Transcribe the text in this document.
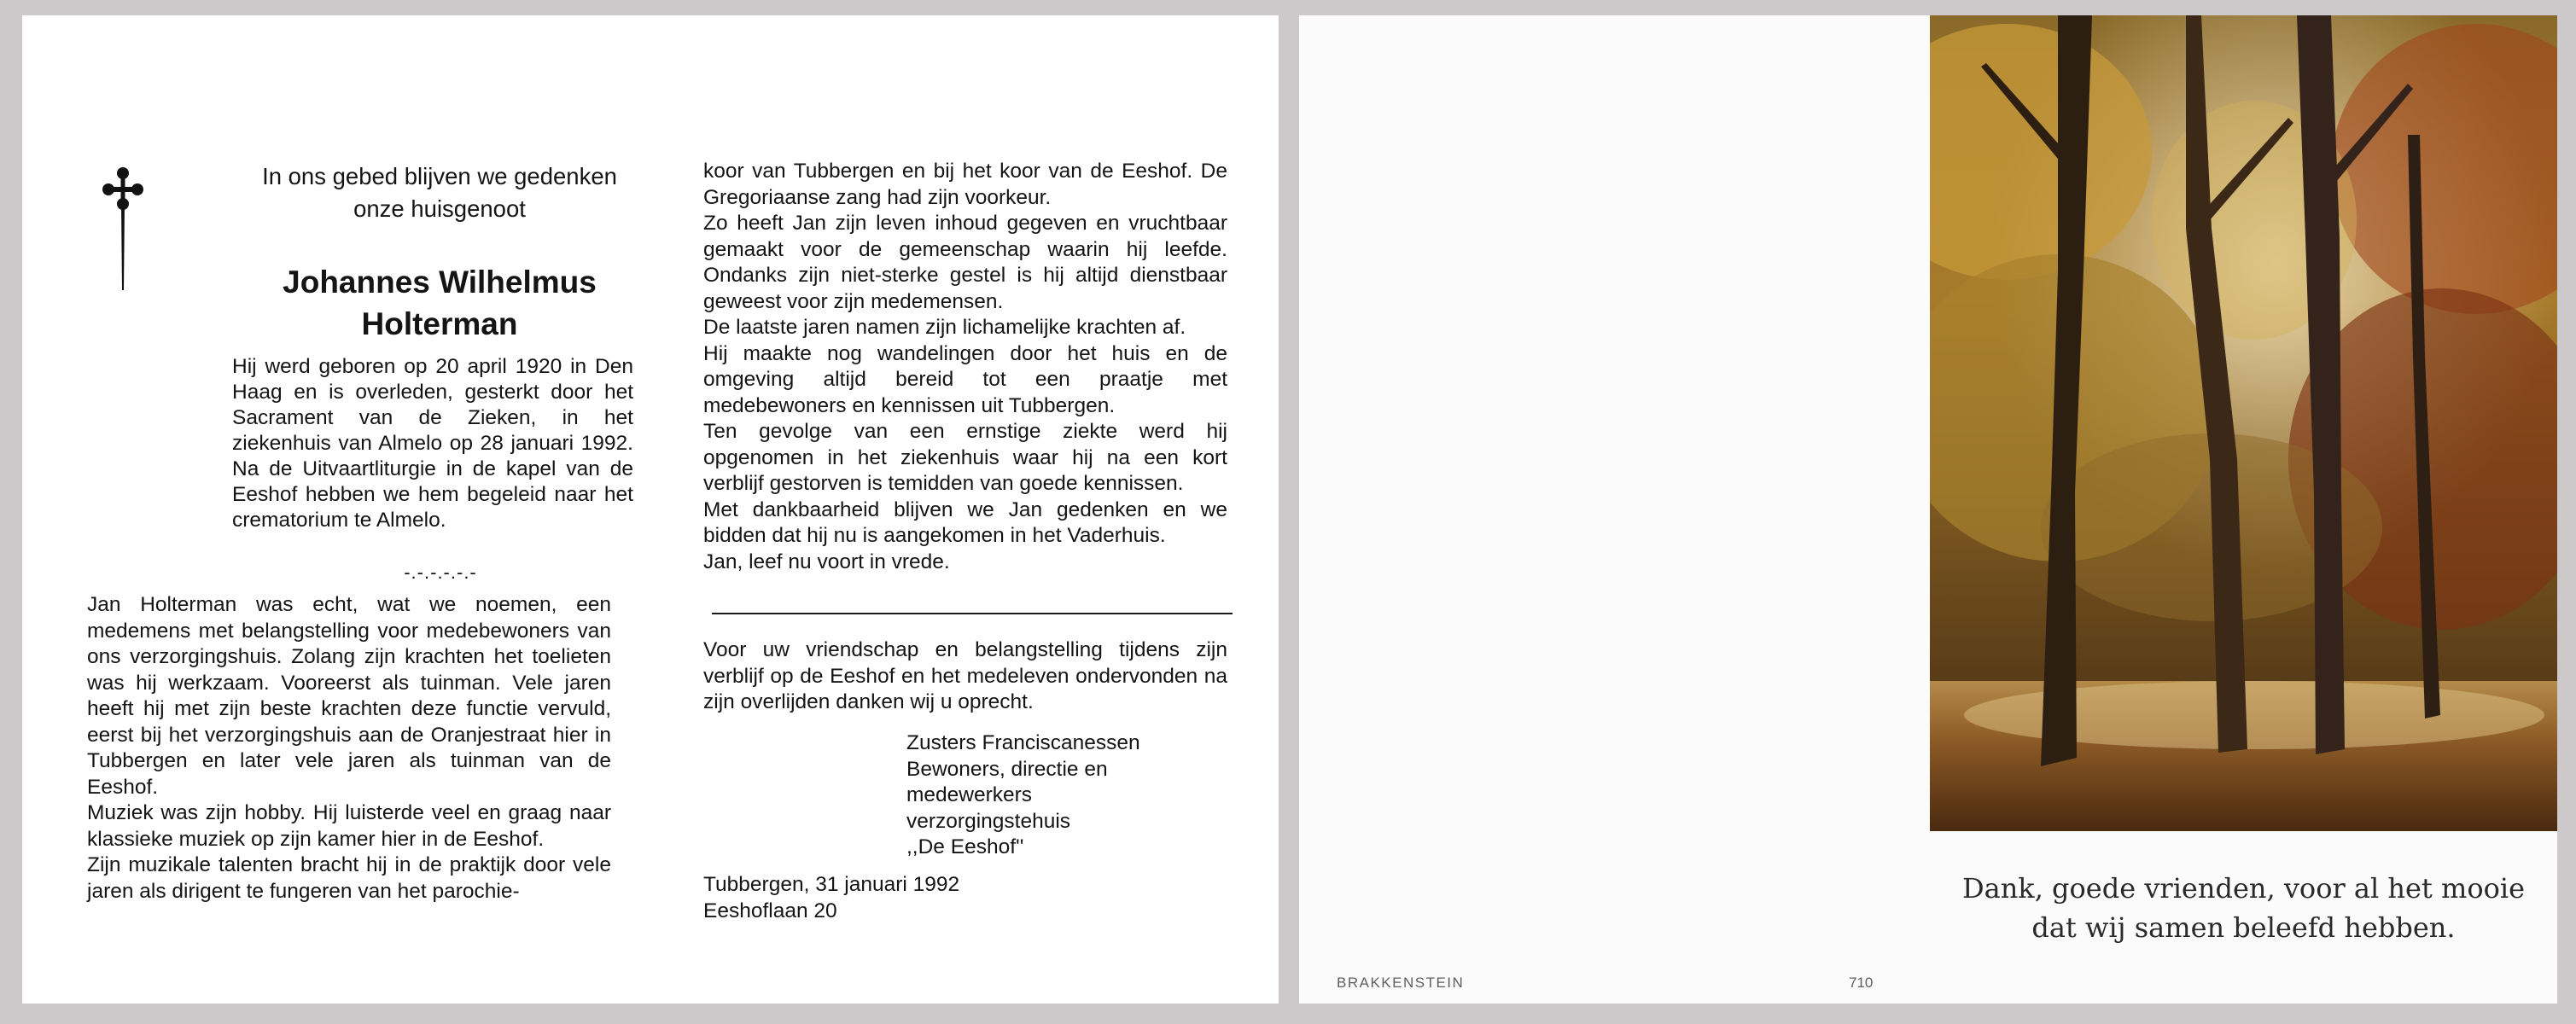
In ons gebed blijven we gedenken
onze huisgenoot
Johannes Wilhelmus
Holterman

Hij werd geboren op 20 april 1920 in Den Haag en is overleden, gesterkt door het Sacrament van de Zieken, in het ziekenhuis van Almelo op 28 januari 1992. Na de Uitvaartliturgie in de kapel van de Eeshof hebben we hem begeleid naar het crematorium te Almelo.

-.-.-.-.-.-

Jan Holterman was echt, wat we noemen, een medemens met belangstelling voor medebewoners van ons verzorgingshuis. Zolang zijn krachten het toelieten was hij werkzaam. Vooreerst als tuinman. Vele jaren heeft hij met zijn beste krachten deze functie vervuld, eerst bij het verzorgingshuis aan de Oranjestraat hier in Tubbergen en later vele jaren als tuinman van de Eeshof.

Muziek was zijn hobby. Hij luisterde veel en graag naar klassieke muziek op zijn kamer hier in de Eeshof.

Zijn muzikale talenten bracht hij in de praktijk door vele jaren als dirigent te fungeren van het parochie-

koor van Tubbergen en bij het koor van de Eeshof. De Gregoriaanse zang had zijn voorkeur.

Zo heeft Jan zijn leven inhoud gegeven en vruchtbaar gemaakt voor de gemeenschap waarin hij leefde. Ondanks zijn niet-sterke gestel is hij altijd dienstbaar geweest voor zijn medemensen.

De laatste jaren namen zijn lichamelijke krachten af.

Hij maakte nog wandelingen door het huis en de omgeving altijd bereid tot een praatje met medebewoners en kennissen uit Tubbergen.

Ten gevolge van een ernstige ziekte werd hij opgenomen in het ziekenhuis waar hij na een kort verblijf gestorven is temidden van goede kennissen.

Met dankbaarheid blijven we Jan gedenken en we bidden dat hij nu is aangekomen in het Vaderhuis.

Jan, leef nu voort in vrede.

Voor uw vriendschap en belangstelling tijdens zijn verblijf op de Eeshof en het medeleven ondervonden na zijn overlijden danken wij u oprecht.

Zusters Franciscanessen
Bewoners, directie en
medewerkers
verzorgingstehuis
,,De Eeshof''
Tubbergen, 31 januari 1992
Eeshoflaan 20
Dank, goede vrienden, voor al het mooie
dat wij samen beleefd hebben.
BRAKKENSTEIN	710
